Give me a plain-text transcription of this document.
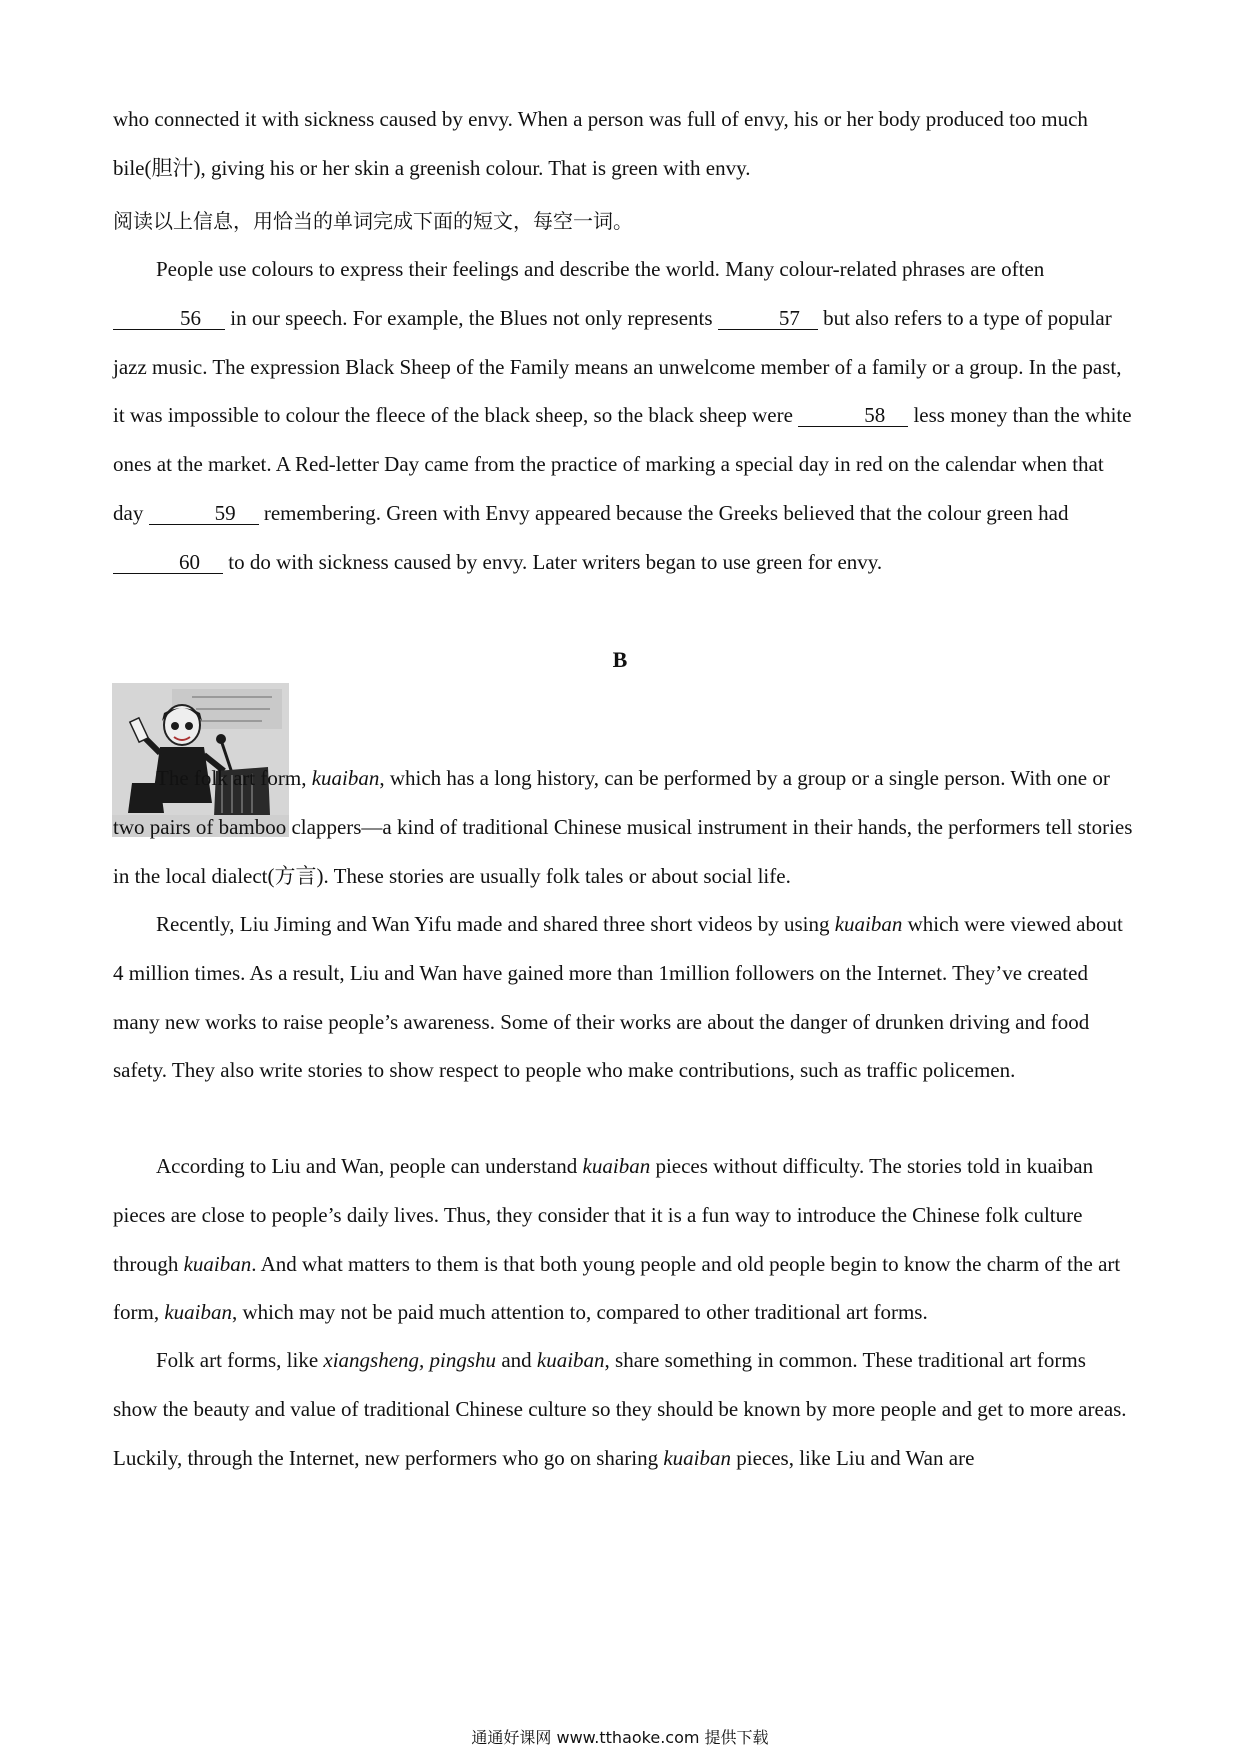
who connected it with sickness caused by envy. When a person was full of envy, his or her body produced too much bile(胆汁), giving his or her skin a greenish colour. That is green with envy.

阅读以上信息，用恰当的单词完成下面的短文，每空一词。

People use colours to express their feelings and describe the world. Many colour-related phrases are often 56 in our speech. For example, the Blues not only represents	57 but also refers to a type of popular jazz music. The expression Black Sheep of the Family means an unwelcome member of a family or a group. In the past, it was impossible to colour the fleece of the black sheep, so the black sheep were	58 less money than the white ones at the market. A Red-letter Day came from the practice of marking a special day in red on the calendar when that day	59 remembering. Green with Envy appeared because the Greeks believed that the colour green had 60 to do with sickness caused by envy. Later writers began to use green for envy.

B

The folk art form, kuaiban, which has a long history, can be performed by a group or a single person. With one or two pairs of bamboo clappers—a kind of traditional Chinese musical instrument in their hands, the performers tell stories in the local dialect(方言). These stories are usually folk tales or about social life.

Recently, Liu Jiming and Wan Yifu made and shared three short videos by using kuaiban which were viewed about 4 million times. As a result, Liu and Wan have gained more than 1million followers on the Internet. They’ve created many new works to raise people’s awareness. Some of their works are about the danger of drunken driving and food safety. They also write stories to show respect to people who make contributions, such as traffic policemen.

According to Liu and Wan, people can understand kuaiban pieces without difficulty. The stories told in kuaiban pieces are close to people’s daily lives. Thus, they consider that it is a fun way to introduce the Chinese folk culture through kuaiban. And what matters to them is that both young people and old people begin to know the charm of the art form, kuaiban, which may not be paid much attention to, compared to other traditional art forms.

Folk art forms, like xiangsheng, pingshu and kuaiban, share something in common. These traditional art forms show the beauty and value of traditional Chinese culture so they should be known by more people and get to more areas. Luckily, through the Internet, new performers who go on sharing kuaiban pieces, like Liu and Wan are

通通好课网 www.tthaoke.com 提供下载
